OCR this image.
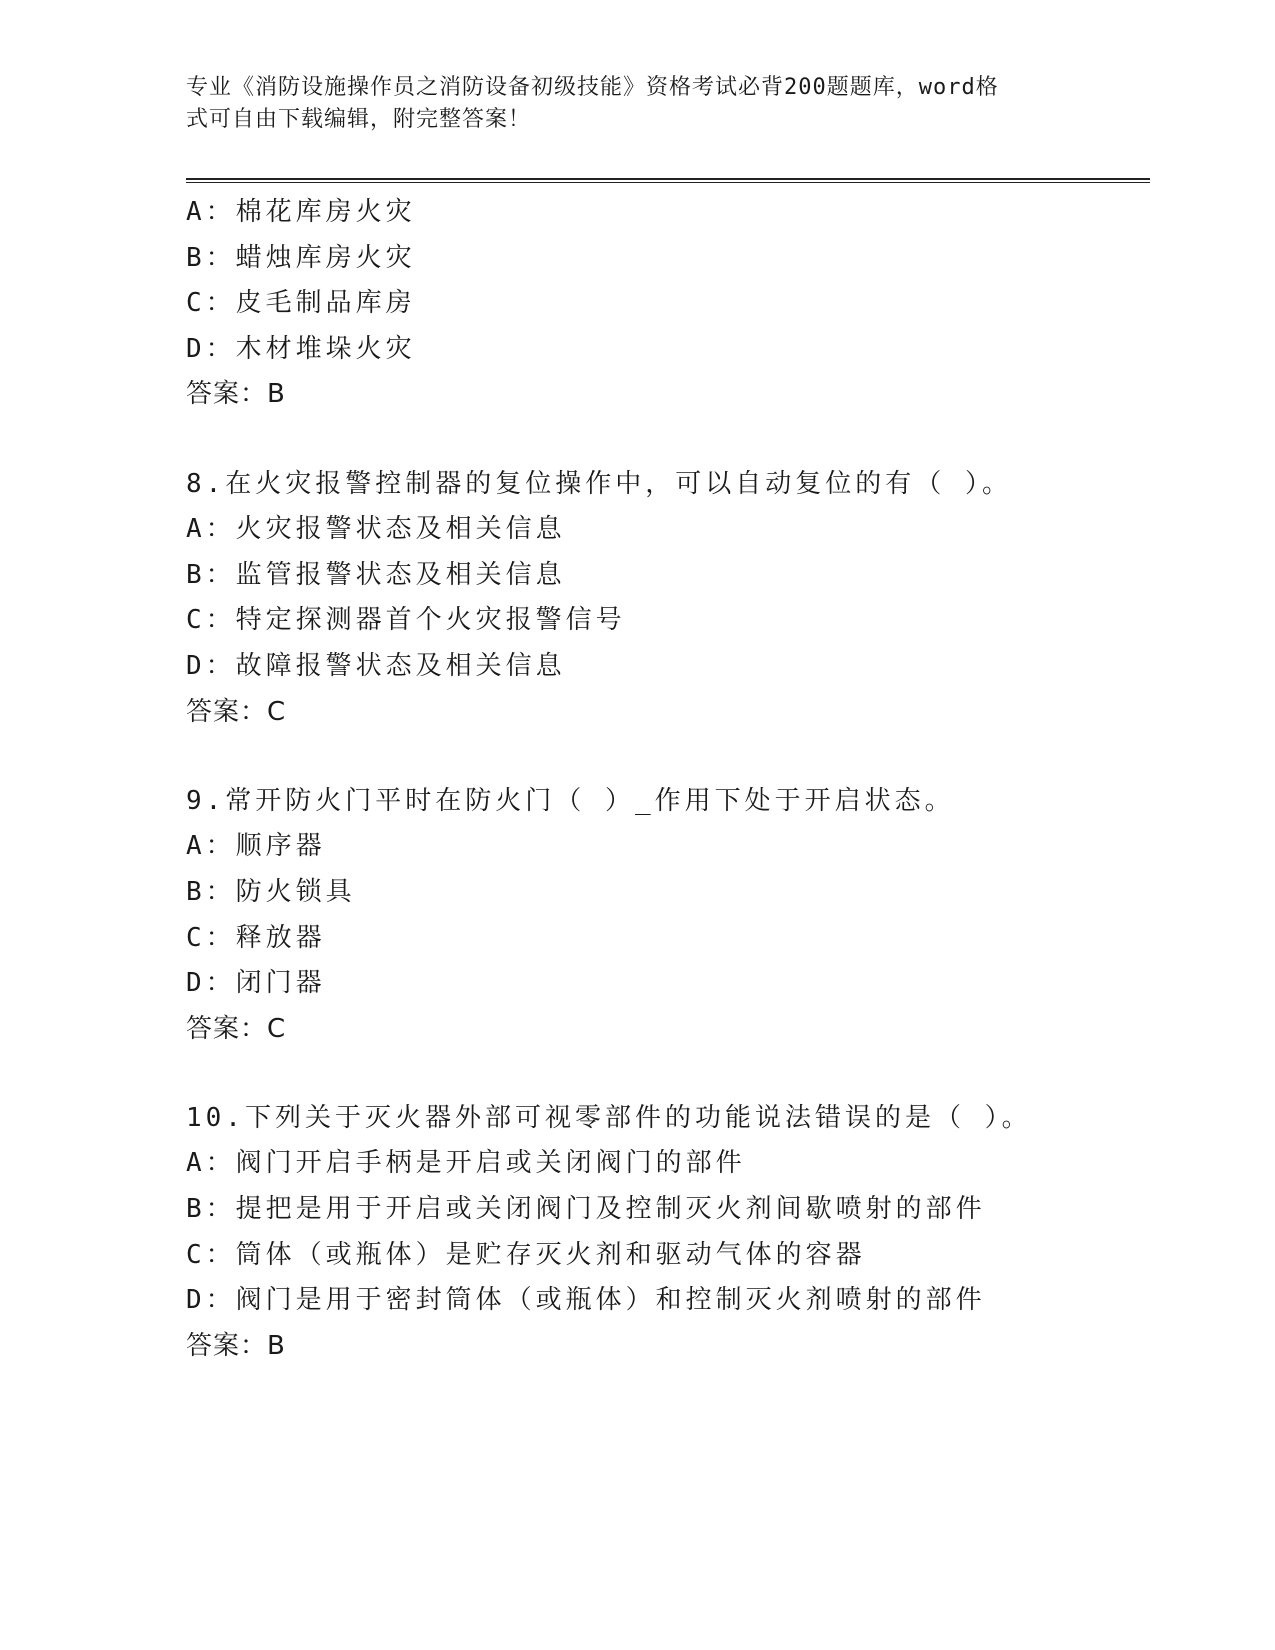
专业《消防设施操作员之消防设备初级技能》资格考试必背200题题库，word格
式可自由下载编辑，附完整答案！
A：棉花库房火灾
B：蜡烛库房火灾
C：皮毛制品库房
D：木材堆垛火灾
答案：B
8.在火灾报警控制器的复位操作中，可以自动复位的有（ ）。
A：火灾报警状态及相关信息
B：监管报警状态及相关信息
C：特定探测器首个火灾报警信号
D：故障报警状态及相关信息
答案：C
9.常开防火门平时在防火门（ ）_作用下处于开启状态。
A：顺序器
B：防火锁具
C：释放器
D：闭门器
答案：C
10.下列关于灭火器外部可视零部件的功能说法错误的是（ ）。
A：阀门开启手柄是开启或关闭阀门的部件
B：提把是用于开启或关闭阀门及控制灭火剂间歇喷射的部件
C：筒体（或瓶体）是贮存灭火剂和驱动气体的容器
D：阀门是用于密封筒体（或瓶体）和控制灭火剂喷射的部件
答案：B
